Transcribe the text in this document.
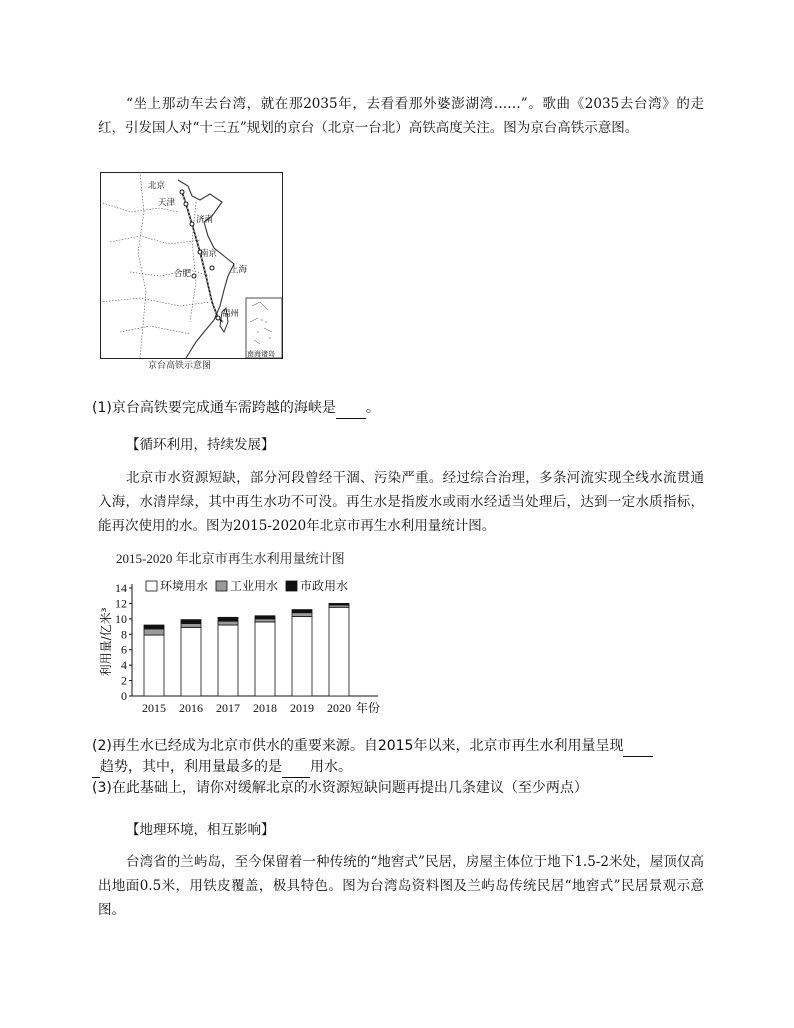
“坐上那动车去台湾，就在那2035年，去看看那外婆澎湖湾……”。歌曲《2035去台湾》的走红，引发国人对“十三五”规划的京台（北京一台北）高铁高度关注。图为京台高铁示意图。
北京
天津
济南
南京
上海
合肥
福州
南海诸岛
京台高铁示意图
(1)京台高铁要完成通车需跨越的海峡是 。
【循环利用，持续发展】
北京市水资源短缺，部分河段曾经干涸、污染严重。经过综合治理，多条河流实现全线水流贯通入海，水清岸绿，其中再生水功不可没。再生水是指废水或雨水经适当处理后，达到一定水质指标，能再次使用的水。图为2015-2020年北京市再生水利用量统计图。
2015-2020 年北京市再生水利用量统计图
0
2
4
6
8
10
12
14
利用量/亿米³
2015 2016 2017 2018 2019 2020 年份
环境用水 工业用水 市政用水
(2)再生水已经成为北京市供水的重要来源。自2015年以来，北京市再生水利用量呈现
趋势，其中，利用量最多的是 用水。
(3)在此基础上，请你对缓解北京的水资源短缺问题再提出几条建议（至少两点）
【地理环境，相互影响】
台湾省的兰屿岛，至今保留着一种传统的“地窖式”民居，房屋主体位于地下1.5-2米处，屋顶仅高出地面0.5米，用铁皮覆盖，极具特色。图为台湾岛资料图及兰屿岛传统民居“地窖式”民居景观示意图。
